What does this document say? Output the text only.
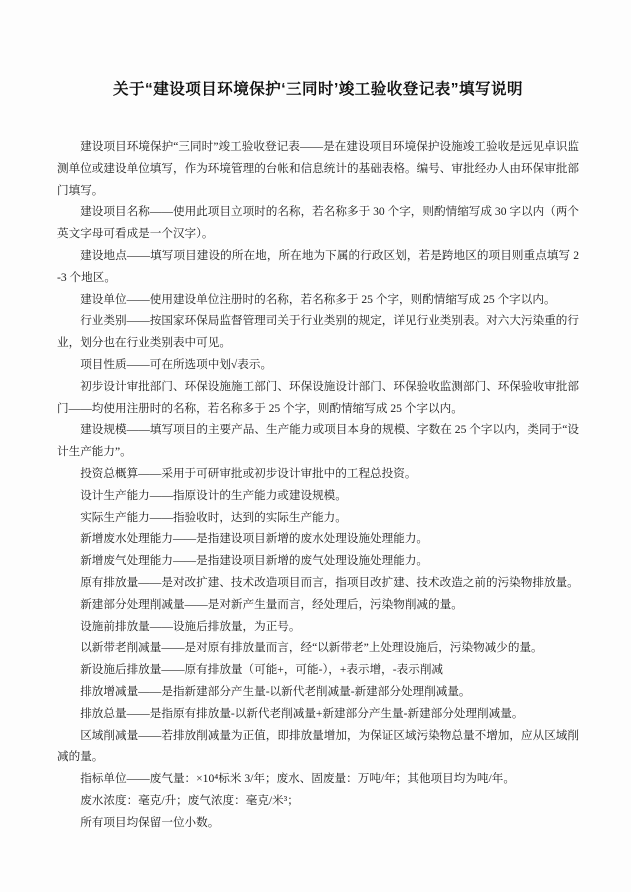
关于“建设项目环境保护‘三同时’竣工验收登记表”填写说明

建设项目环境保护“三同时”竣工验收登记表——是在建设项目环境保护设施竣工验收是远见卓识监测单位或建设单位填写，作为环境管理的台帐和信息统计的基础表格。编号、审批经办人由环保审批部门填写。

建设项目名称——使用此项目立项时的名称，若名称多于 30 个字，则酌情缩写成 30 字以内（两个英文字母可看成是一个汉字）。

建设地点——填写项目建设的所在地，所在地为下属的行政区划，若是跨地区的项目则重点填写 2-3 个地区。

建设单位——使用建设单位注册时的名称，若名称多于 25 个字，则酌情缩写成 25 个字以内。

行业类别——按国家环保局监督管理司关于行业类别的规定，详见行业类别表。对六大污染重的行业，划分也在行业类别表中可见。

项目性质——可在所选项中划√表示。

初步设计审批部门、环保设施施工部门、环保设施设计部门、环保验收监测部门、环保验收审批部门——均使用注册时的名称，若名称多于 25 个字，则酌情缩写成 25 个字以内。

建设规模——填写项目的主要产品、生产能力或项目本身的规模、字数在 25 个字以内，类同于“设计生产能力”。

投资总概算——采用于可研审批或初步设计审批中的工程总投资。

设计生产能力——指原设计的生产能力或建设规模。

实际生产能力——指验收时，达到的实际生产能力。

新增废水处理能力——是指建设项目新增的废水处理设施处理能力。

新增废气处理能力——是指建设项目新增的废气处理设施处理能力。

原有排放量——是对改扩建、技术改造项目而言，指项目改扩建、技术改造之前的污染物排放量。

新建部分处理削减量——是对新产生量而言，经处理后，污染物削减的量。

设施前排放量——设施后排放量，为正号。

以新带老削减量——是对原有排放量而言，经“以新带老”上处理设施后，污染物减少的量。

新设施后排放量——原有排放量（可能+，可能-），+表示增，-表示削减

排放增减量——是指新建部分产生量-以新代老削减量-新建部分处理削减量。

排放总量——是指原有排放量-以新代老削减量+新建部分产生量-新建部分处理削减量。

区域削减量——若排放削减量为正值，即排放量增加，为保证区域污染物总量不增加，应从区域削减的量。

指标单位——废气量：×10⁴标米 3/年；废水、固废量：万吨/年；其他项目均为吨/年。

废水浓度：毫克/升；废气浓度：毫克/米³；

所有项目均保留一位小数。
